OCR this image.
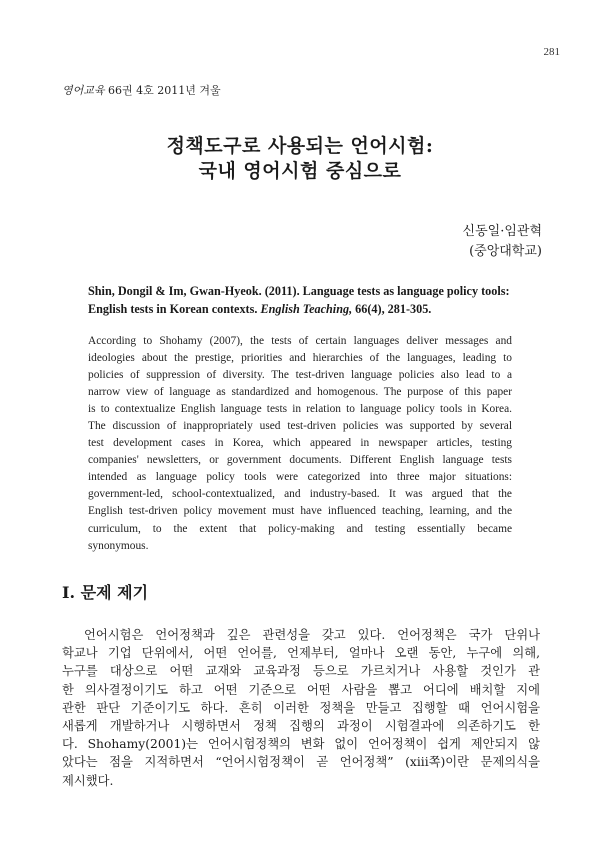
281
영어교육 66권 4호 2011년 겨울
정책도구로 사용되는 언어시험:
국내 영어시험 중심으로
신동일·임관혁
(중앙대학교)
Shin, Dongil & Im, Gwan-Hyeok. (2011). Language tests as language policy tools:
English tests in Korean contexts. English Teaching, 66(4), 281-305.
According to Shohamy (2007), the tests of certain languages deliver messages and
ideologies about the prestige, priorities and hierarchies of the languages, leading to
policies of suppression of diversity. The test-driven language policies also lead to a
narrow view of language as standardized and homogenous. The purpose of this paper
is to contextualize English language tests in relation to language policy tools in Korea.
The discussion of inappropriately used test-driven policies was supported by several
test development cases in Korea, which appeared in newspaper articles, testing
companies' newsletters, or government documents. Different English language tests
intended as language policy tools were categorized into three major situations:
government-led, school-contextualized, and industry-based. It was argued that the
English test-driven policy movement must have influenced teaching, learning, and the
curriculum, to the extent that policy-making and testing essentially became
synonymous.
I. 문제 제기
언어시험은 언어정책과 깊은 관련성을 갖고 있다. 언어정책은 국가 단위나
학교나 기업 단위에서, 어떤 언어를, 언제부터, 얼마나 오랜 동안, 누구에 의해,
누구를 대상으로 어떤 교재와 교육과정 등으로 가르치거나 사용할 것인가 관
한 의사결정이기도 하고 어떤 기준으로 어떤 사람을 뽑고 어디에 배치할 지에
관한 판단 기준이기도 하다. 흔히 이러한 정책을 만들고 집행할 때 언어시험을
새롭게 개발하거나 시행하면서 정책 집행의 과정이 시험결과에 의존하기도 한
다. Shohamy(2001)는 언어시험정책의 변화 없이 언어정책이 쉽게 제안되지 않
았다는 점을 지적하면서 “언어시험정책이 곧 언어정책” (xiii쪽)이란 문제의식을
제시했다.
